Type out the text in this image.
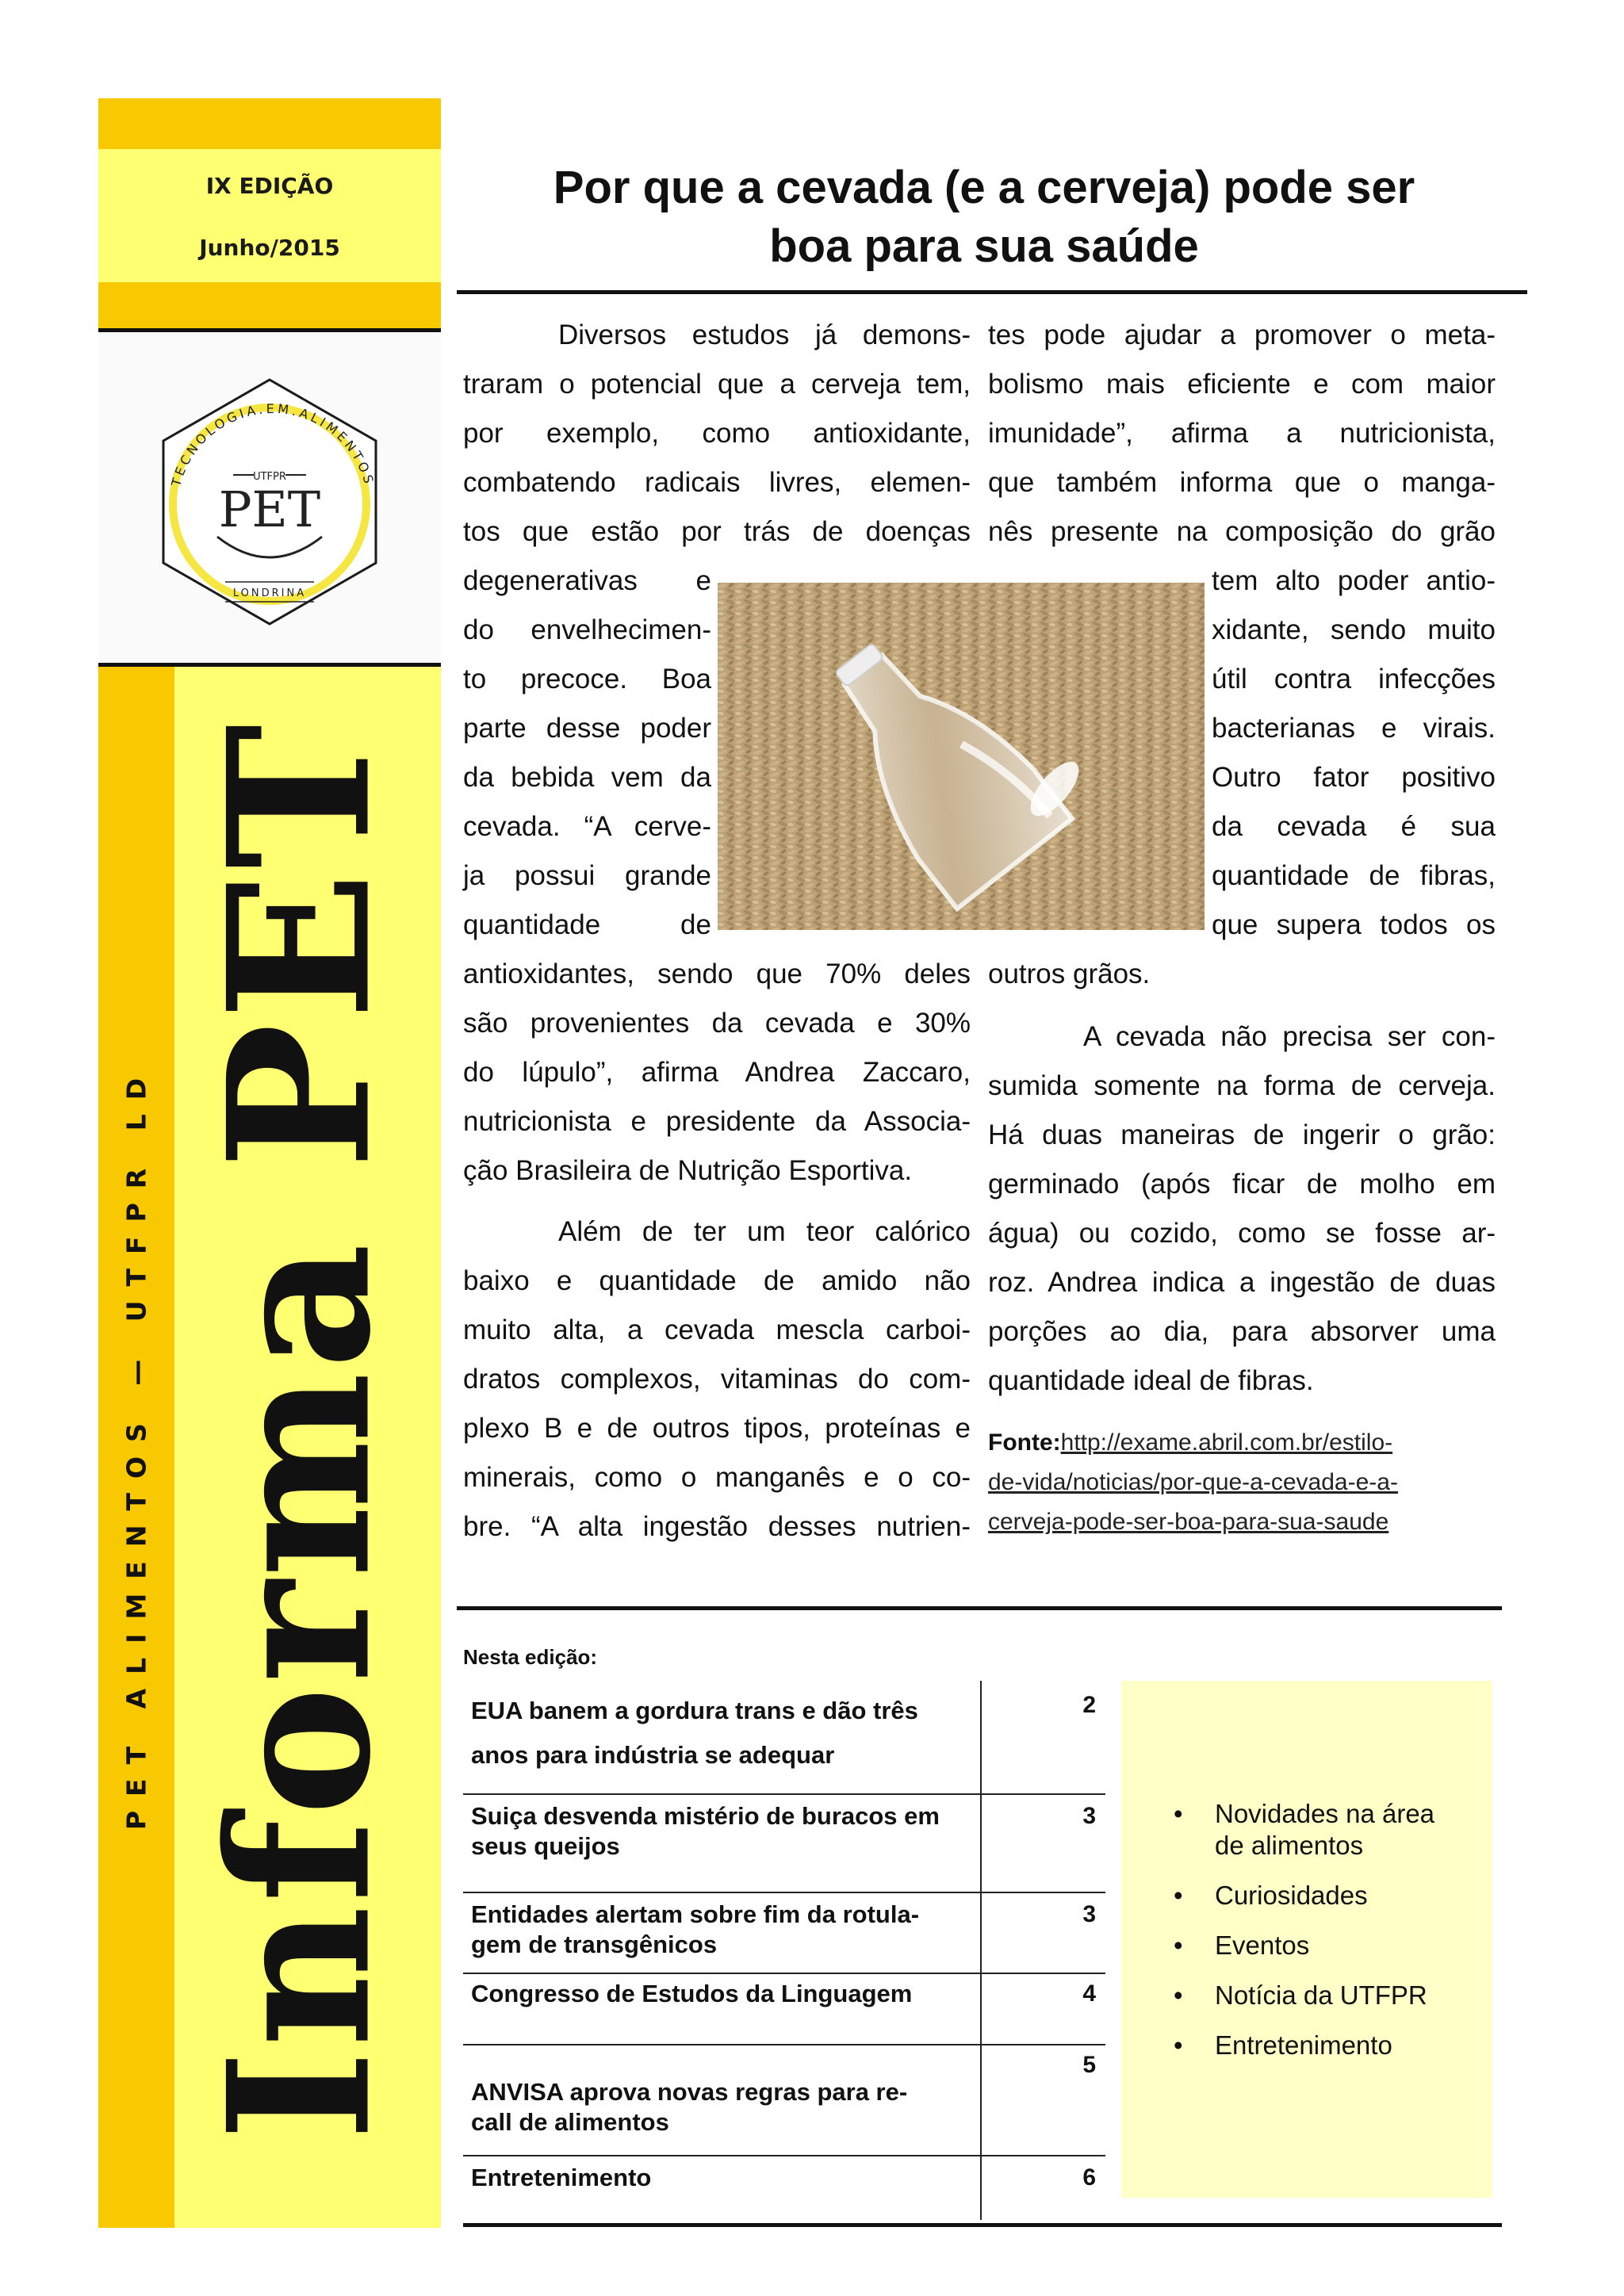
IX EDIÇÃO
Junho/2015
TECNOLOGIA.EM.ALIMENTOS
UTFPR
PET
LONDRINA
PET ALIMENTOS — UTFPR LD Informa PET
Por que a cevada (e a cerveja) pode ser
boa para sua saúde
Diversos estudos já demons-
traram o potencial que a cerveja tem,
por exemplo, como antioxidante,
combatendo radicais livres, elemen-
tos que estão por trás de doenças
degenerativas e
do envelhecimen-
to precoce. Boa
parte desse poder
da bebida vem da
cevada. “A cerve-
ja possui grande
quantidade de
antioxidantes, sendo que 70% deles
são provenientes da cevada e 30%
do lúpulo”, afirma Andrea Zaccaro,
nutricionista e presidente da Associa-
ção Brasileira de Nutrição Esportiva.
Além de ter um teor calórico
baixo e quantidade de amido não
muito alta, a cevada mescla carboi-
dratos complexos, vitaminas do com-
plexo B e de outros tipos, proteínas e
minerais, como o manganês e o co-
bre. “A alta ingestão desses nutrien-
tes pode ajudar a promover o meta-
bolismo mais eficiente e com maior
imunidade”, afirma a nutricionista,
que também informa que o manga-
nês presente na composição do grão
tem alto poder antio-
xidante, sendo muito
útil contra infecções
bacterianas e virais.
Outro fator positivo
da cevada é sua
quantidade de fibras,
que supera todos os
outros grãos.
A cevada não precisa ser con-
sumida somente na forma de cerveja.
Há duas maneiras de ingerir o grão:
germinado (após ficar de molho em
água) ou cozido, como se fosse ar-
roz. Andrea indica a ingestão de duas
porções ao dia, para absorver uma
quantidade ideal de fibras.
Fonte:http://exame.abril.com.br/estilo-
de-vida/noticias/por-que-a-cevada-e-a-
cerveja-pode-ser-boa-para-sua-saude
Nesta edição:
EUA banem a gordura trans e dão três
anos para indústria se adequar
2
Suiça desvenda mistério de buracos em
seus queijos
3
Entidades alertam sobre fim da rotula-
gem de transgênicos
3
Congresso de Estudos da Linguagem	4
ANVISA aprova novas regras para re-
call de alimentos
5
Entretenimento	6
• Novidades na área
de alimentos
• Curiosidades
• Eventos
• Notícia da UTFPR
• Entretenimento
